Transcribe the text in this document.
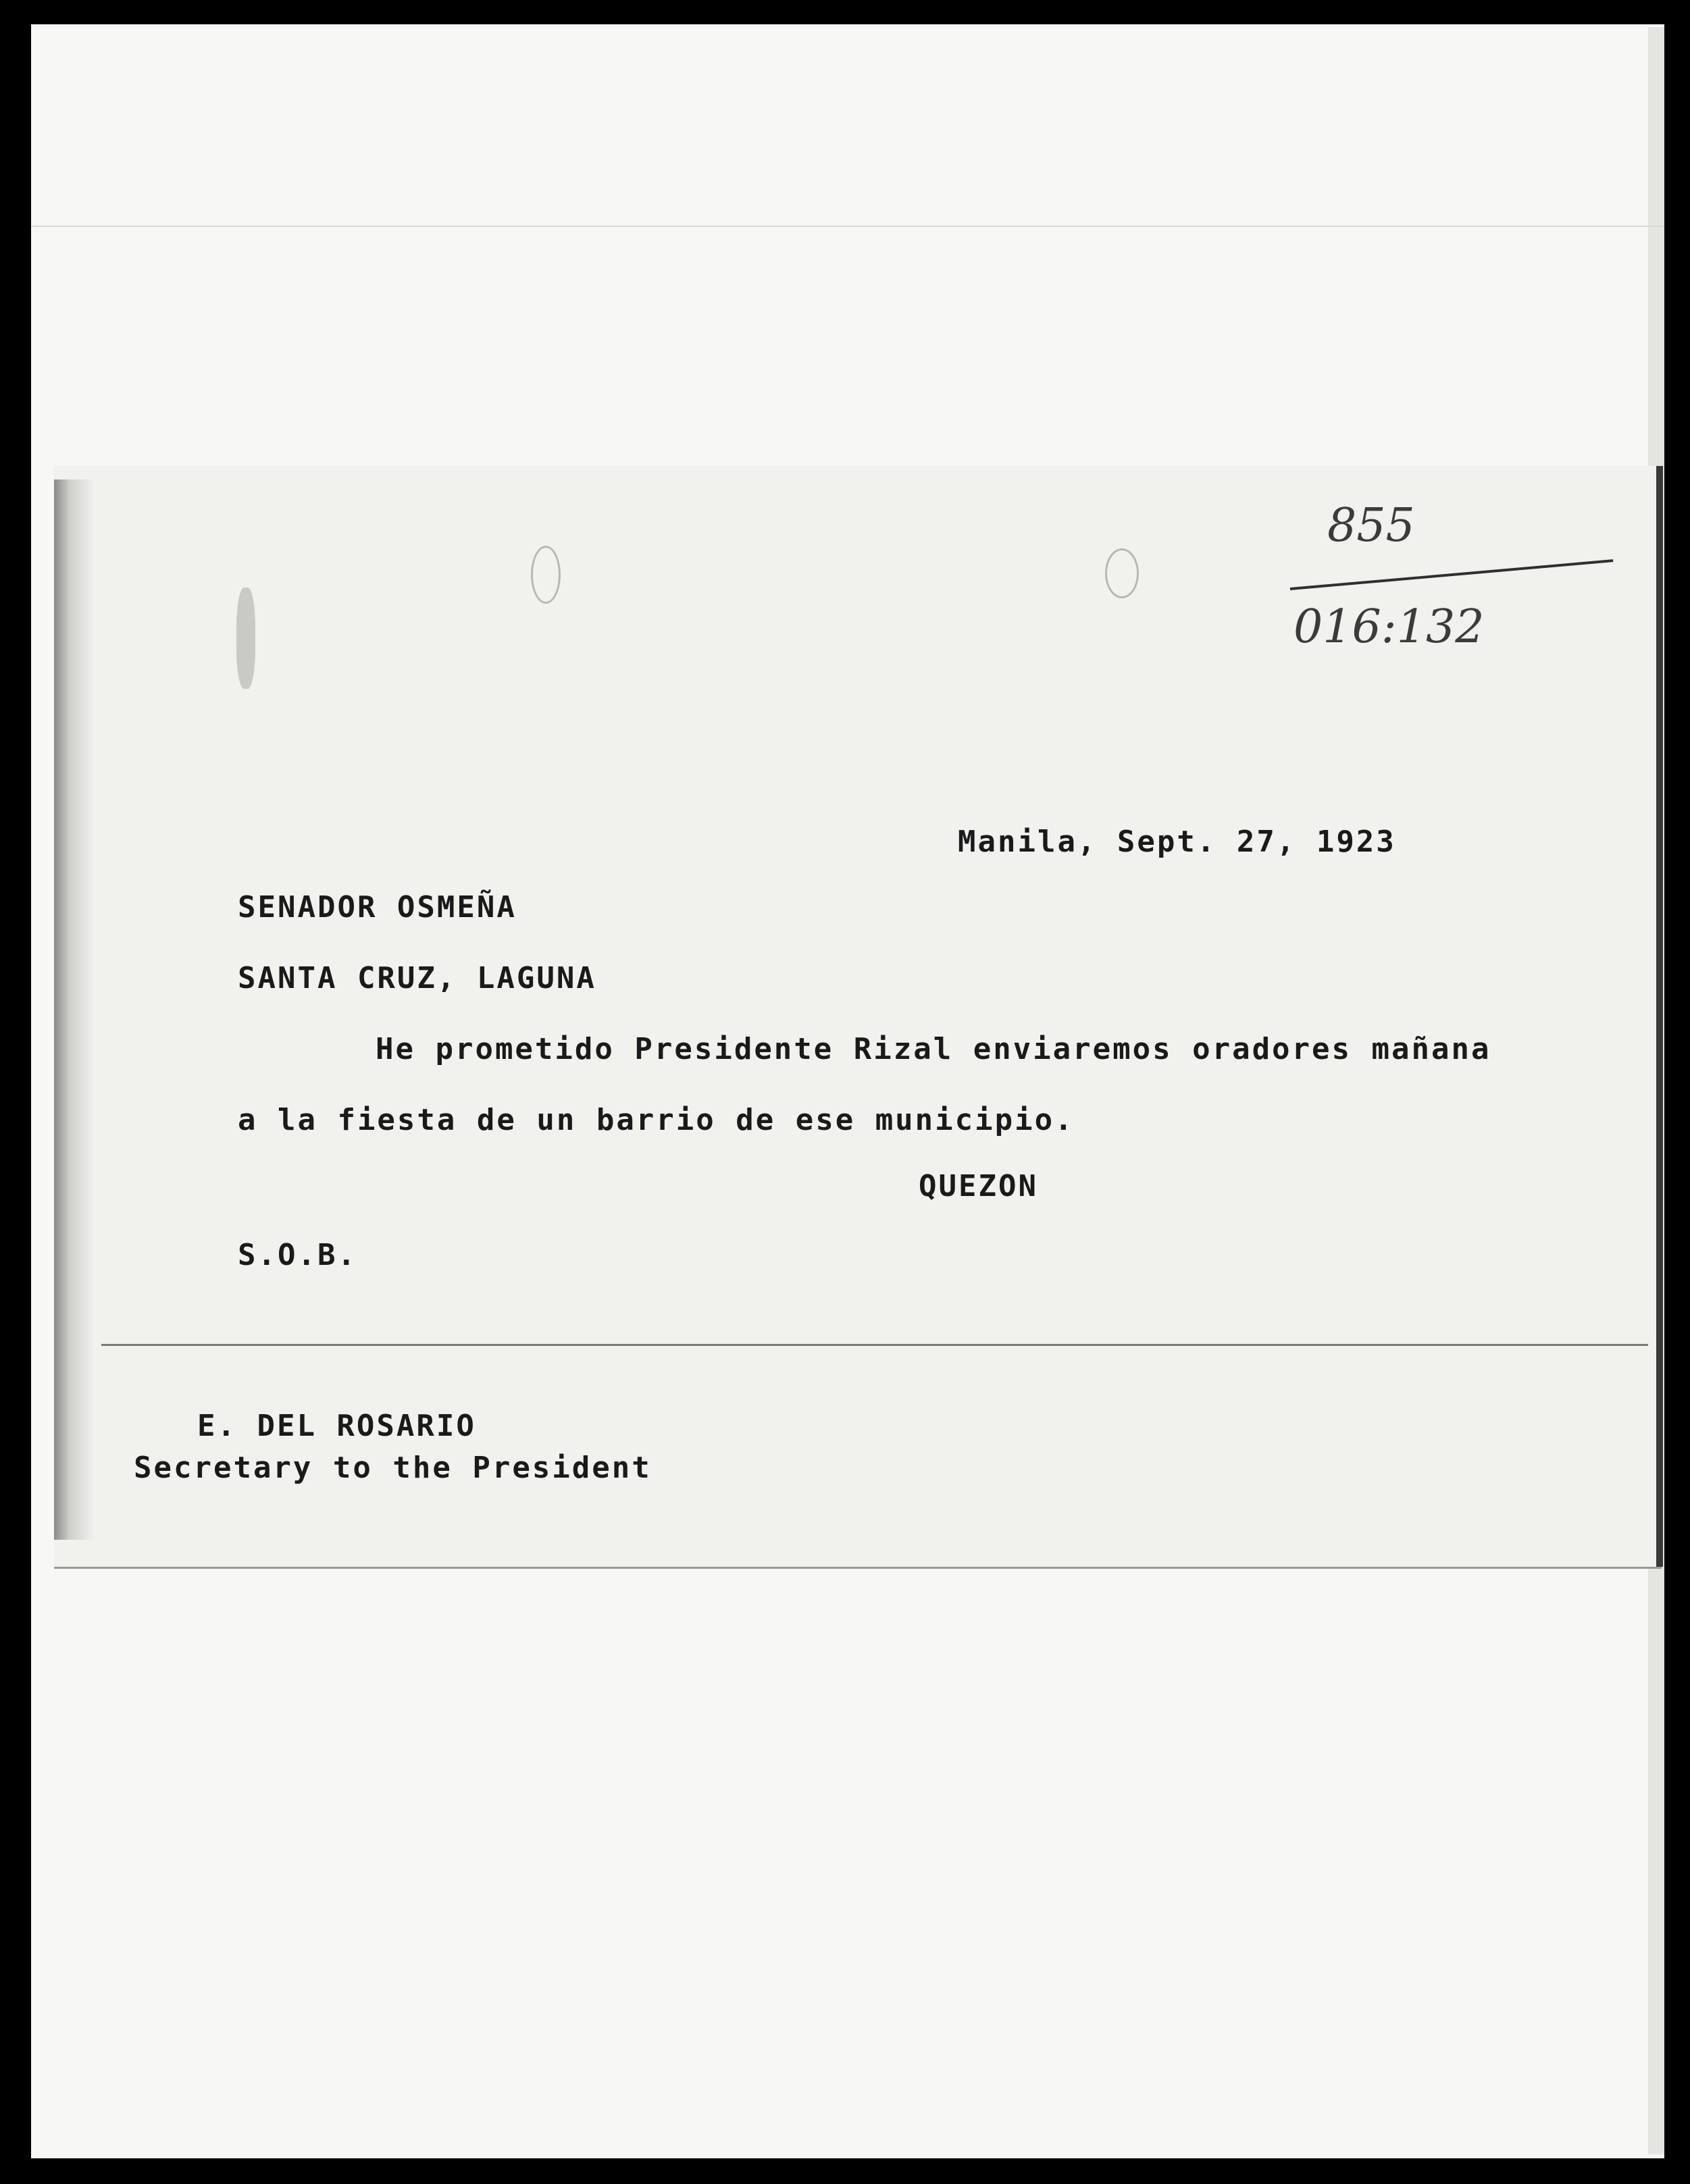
855
016:132

Manila, Sept. 27, 1923

SENADOR OSMEÑA

SANTA CRUZ, LAGUNA

He prometido Presidente Rizal enviaremos oradores mañana

a la fiesta de un barrio de ese municipio.

QUEZON

S.O.B.

E. DEL ROSARIO

Secretary to the President
